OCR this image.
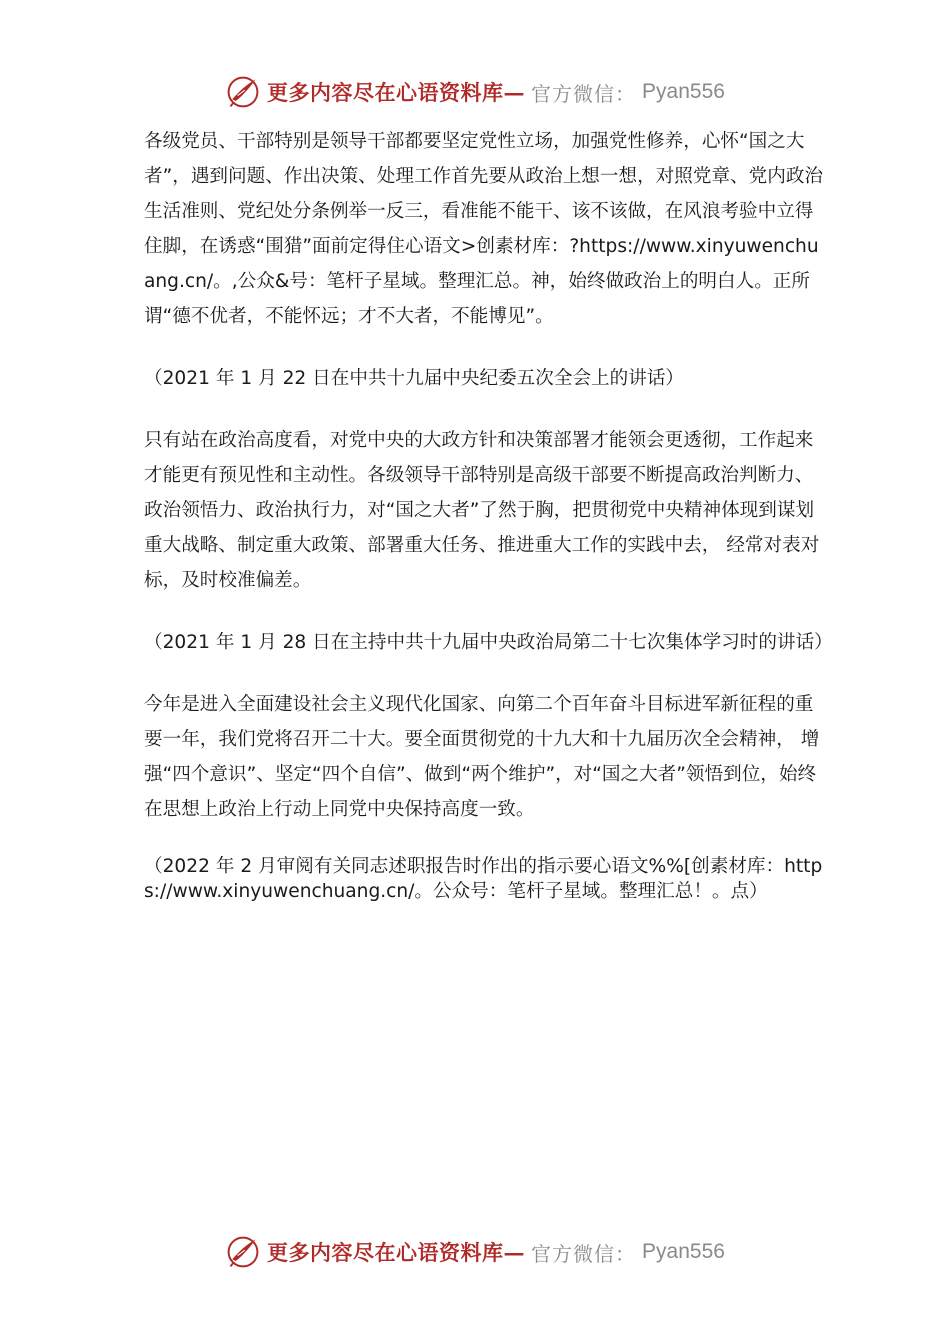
更多内容尽在心语资料库— 官方微信： Pyan556

各级党员、干部特别是领导干部都要坚定党性立场，加强党性修养，心怀“国之大者”，遇到问题、作出决策、处理工作首先要从政治上想一想，对照党章、党内政治生活准则、党纪处分条例举一反三，看准能不能干、该不该做，在风浪考验中立得住脚，在诱惑“围猎”面前定得住心语文>创素材库：?https://www.xinyuwenchuang.cn/。,公众&号：笔杆子星域。整理汇总。神，始终做政治上的明白人。正所谓“德不优者，不能怀远；才不大者，不能博见”。

（2021 年 1 月 22 日在中共十九届中央纪委五次全会上的讲话）

只有站在政治高度看，对党中央的大政方针和决策部署才能领会更透彻，工作起来才能更有预见性和主动性。各级领导干部特别是高级干部要不断提高政治判断力、政治领悟力、政治执行力，对“国之大者”了然于胸，把贯彻党中央精神体现到谋划重大战略、制定重大政策、部署重大任务、推进重大工作的实践中去， 经常对表对标，及时校准偏差。

（2021 年 1 月 28 日在主持中共十九届中央政治局第二十七次集体学习时的讲话）

今年是进入全面建设社会主义现代化国家、向第二个百年奋斗目标进军新征程的重要一年，我们党将召开二十大。要全面贯彻党的十九大和十九届历次全会精神， 增强“四个意识”、坚定“四个自信”、做到“两个维护”，对“国之大者”领悟到位，始终在思想上政治上行动上同党中央保持高度一致。

（2022 年 2 月审阅有关同志述职报告时作出的指示要心语文%%[创素材库：https://www.xinyuwenchuang.cn/。公众号：笔杆子星域。整理汇总！。点）

更多内容尽在心语资料库— 官方微信： Pyan556
